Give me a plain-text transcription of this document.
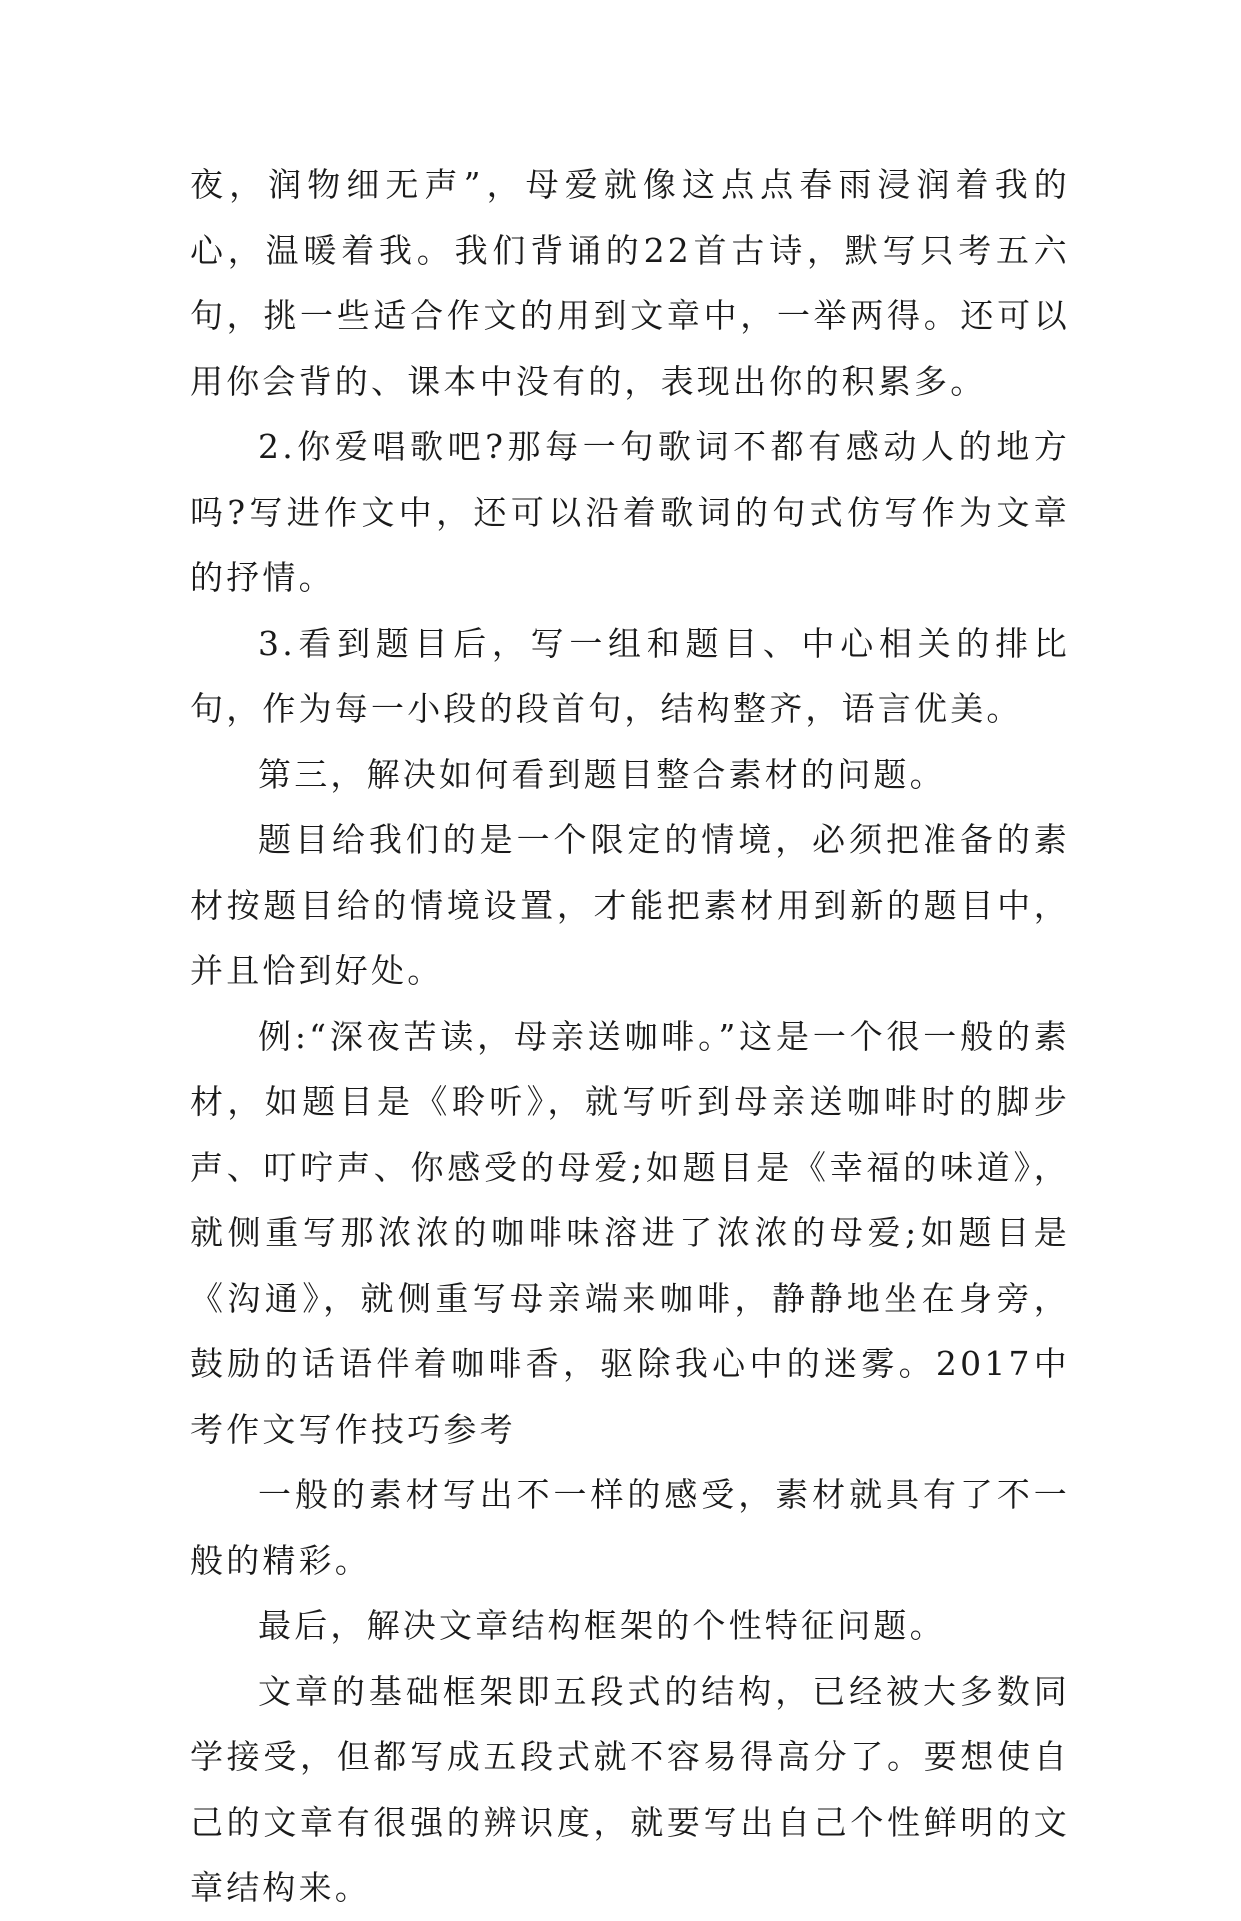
夜，润物细无声”，母爱就像这点点春雨浸润着我的心，温暖着我。我们背诵的22首古诗，默写只考五六句，挑一些适合作文的用到文章中，一举两得。还可以用你会背的、课本中没有的，表现出你的积累多。

2.你爱唱歌吧?那每一句歌词不都有感动人的地方吗?写进作文中，还可以沿着歌词的句式仿写作为文章的抒情。

3.看到题目后，写一组和题目、中心相关的排比句，作为每一小段的段首句，结构整齐，语言优美。

第三，解决如何看到题目整合素材的问题。

题目给我们的是一个限定的情境，必须把准备的素材按题目给的情境设置，才能把素材用到新的题目中，并且恰到好处。

例:“深夜苦读，母亲送咖啡。”这是一个很一般的素材，如题目是《聆听》，就写听到母亲送咖啡时的脚步声、叮咛声、你感受的母爱;如题目是《幸福的味道》，就侧重写那浓浓的咖啡味溶进了浓浓的母爱;如题目是《沟通》，就侧重写母亲端来咖啡，静静地坐在身旁，鼓励的话语伴着咖啡香，驱除我心中的迷雾。2017中考作文写作技巧参考

一般的素材写出不一样的感受，素材就具有了不一般的精彩。

最后，解决文章结构框架的个性特征问题。

文章的基础框架即五段式的结构，已经被大多数同学接受，但都写成五段式就不容易得高分了。要想使自己的文章有很强的辨识度，就要写出自己个性鲜明的文章结构来。
